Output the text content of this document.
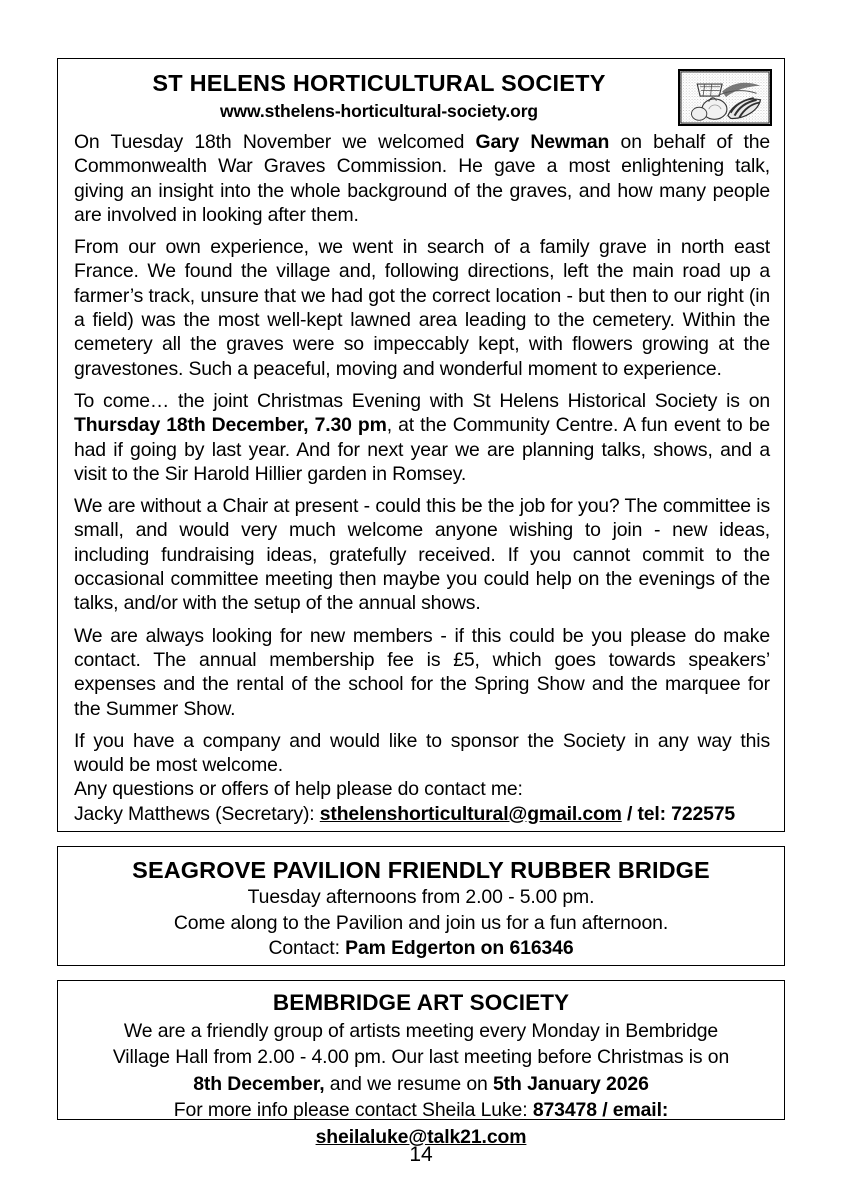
ST HELENS HORTICULTURAL SOCIETY
www.sthelens-horticultural-society.org

On Tuesday 18th November we welcomed Gary Newman on behalf of the Commonwealth War Graves Commission. He gave a most enlightening talk, giving an insight into the whole background of the graves, and how many people are involved in looking after them.

From our own experience, we went in search of a family grave in north east France. We found the village and, following directions, left the main road up a farmer’s track, unsure that we had got the correct location - but then to our right (in a field) was the most well-kept lawned area leading to the cemetery. Within the cemetery all the graves were so impeccably kept, with flowers growing at the gravestones. Such a peaceful, moving and wonderful moment to experience.

To come… the joint Christmas Evening with St Helens Historical Society is on Thursday 18th December, 7.30 pm, at the Community Centre. A fun event to be had if going by last year. And for next year we are planning talks, shows, and a visit to the Sir Harold Hillier garden in Romsey.

We are without a Chair at present - could this be the job for you? The committee is small, and would very much welcome anyone wishing to join - new ideas, including fundraising ideas, gratefully received. If you cannot commit to the occasional committee meeting then maybe you could help on the evenings of the talks, and/or with the setup of the annual shows.

We are always looking for new members - if this could be you please do make contact. The annual membership fee is £5, which goes towards speakers’ expenses and the rental of the school for the Spring Show and the marquee for the Summer Show.

If you have a company and would like to sponsor the Society in any way this would be most welcome.

Any questions or offers of help please do contact me:

Jacky Matthews (Secretary): sthelenshorticultural@gmail.com / tel: 722575

SEAGROVE PAVILION FRIENDLY RUBBER BRIDGE
Tuesday afternoons from 2.00 - 5.00 pm.
Come along to the Pavilion and join us for a fun afternoon.
Contact: Pam Edgerton on 616346
BEMBRIDGE ART SOCIETY
We are a friendly group of artists meeting every Monday in Bembridge
Village Hall from 2.00 - 4.00 pm. Our last meeting before Christmas is on
8th December, and we resume on 5th January 2026
For more info please contact Sheila Luke: 873478 / email: sheilaluke@talk21.com
14
